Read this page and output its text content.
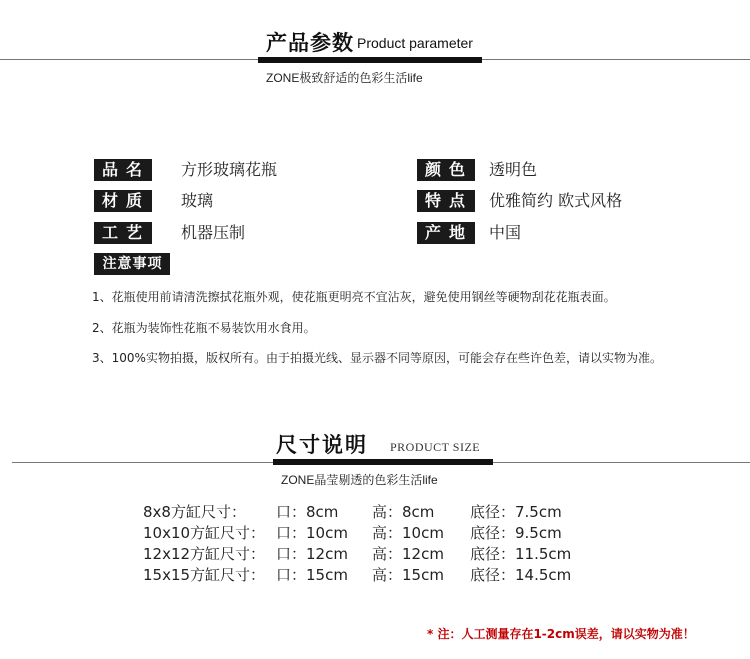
产品参数 Product parameter
ZONE极致舒适的色彩生活life
品名 方形玻璃花瓶
材质 玻璃
工艺 机器压制
颜色 透明色
特点 优雅简约 欧式风格
产地 中国
注意事项
1、花瓶使用前请清洗擦拭花瓶外观，使花瓶更明亮不宜沾灰，避免使用钢丝等硬物刮花花瓶表面。
2、花瓶为装饰性花瓶不易装饮用水食用。
3、100%实物拍摄，版权所有。由于拍摄光线、显示器不同等原因，可能会存在些许色差，请以实物为准。
尺寸说明 PRODUCT SIZE
ZONE晶莹剔透的色彩生活life
8x8方缸尺寸： 口：8cm 高：8cm 底径：7.5cm
10x10方缸尺寸： 口：10cm 高：10cm 底径：9.5cm
12x12方缸尺寸： 口：12cm 高：12cm 底径：11.5cm
15x15方缸尺寸： 口：15cm 高：15cm 底径：14.5cm
* 注：人工测量存在1-2cm误差，请以实物为准！
